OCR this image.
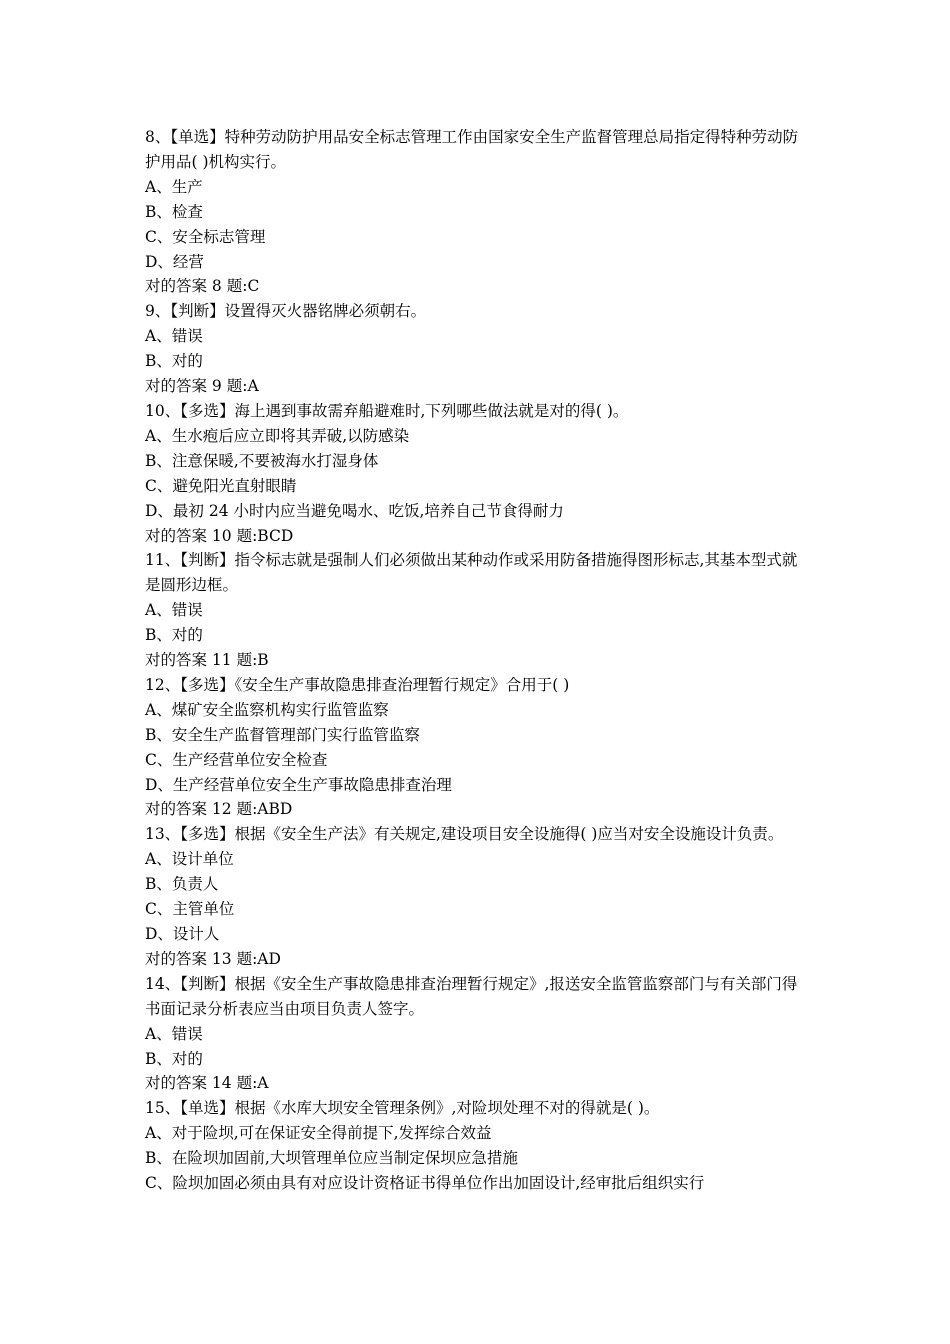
8、【单选】特种劳动防护用品安全标志管理工作由国家安全生产监督管理总局指定得特种劳动防护用品( )机构实行。

A、生产

B、检查

C、安全标志管理

D、经营

对的答案 8 题:C

9、【判断】设置得灭火器铭牌必须朝右。

A、错误

B、对的

对的答案 9 题:A

10、【多选】海上遇到事故需弃船避难时,下列哪些做法就是对的得( )。

A、生水疱后应立即将其弄破,以防感染

B、注意保暖,不要被海水打湿身体

C、避免阳光直射眼睛

D、最初 24 小时内应当避免喝水、吃饭,培养自己节食得耐力

对的答案 10 题:BCD

11、【判断】指令标志就是强制人们必须做出某种动作或采用防备措施得图形标志,其基本型式就是圆形边框。

A、错误

B、对的

对的答案 11 题:B

12、【多选】《安全生产事故隐患排查治理暂行规定》合用于( )

A、煤矿安全监察机构实行监管监察

B、安全生产监督管理部门实行监管监察

C、生产经营单位安全检查

D、生产经营单位安全生产事故隐患排查治理

对的答案 12 题:ABD

13、【多选】根据《安全生产法》有关规定,建设项目安全设施得( )应当对安全设施设计负责。

A、设计单位

B、负责人

C、主管单位

D、设计人

对的答案 13 题:AD

14、【判断】根据《安全生产事故隐患排查治理暂行规定》,报送安全监管监察部门与有关部门得书面记录分析表应当由项目负责人签字。

A、错误

B、对的

对的答案 14 题:A

15、【单选】根据《水库大坝安全管理条例》,对险坝处理不对的得就是( )。

A、对于险坝,可在保证安全得前提下,发挥综合效益

B、在险坝加固前,大坝管理单位应当制定保坝应急措施

C、险坝加固必须由具有对应设计资格证书得单位作出加固设计,经审批后组织实行
